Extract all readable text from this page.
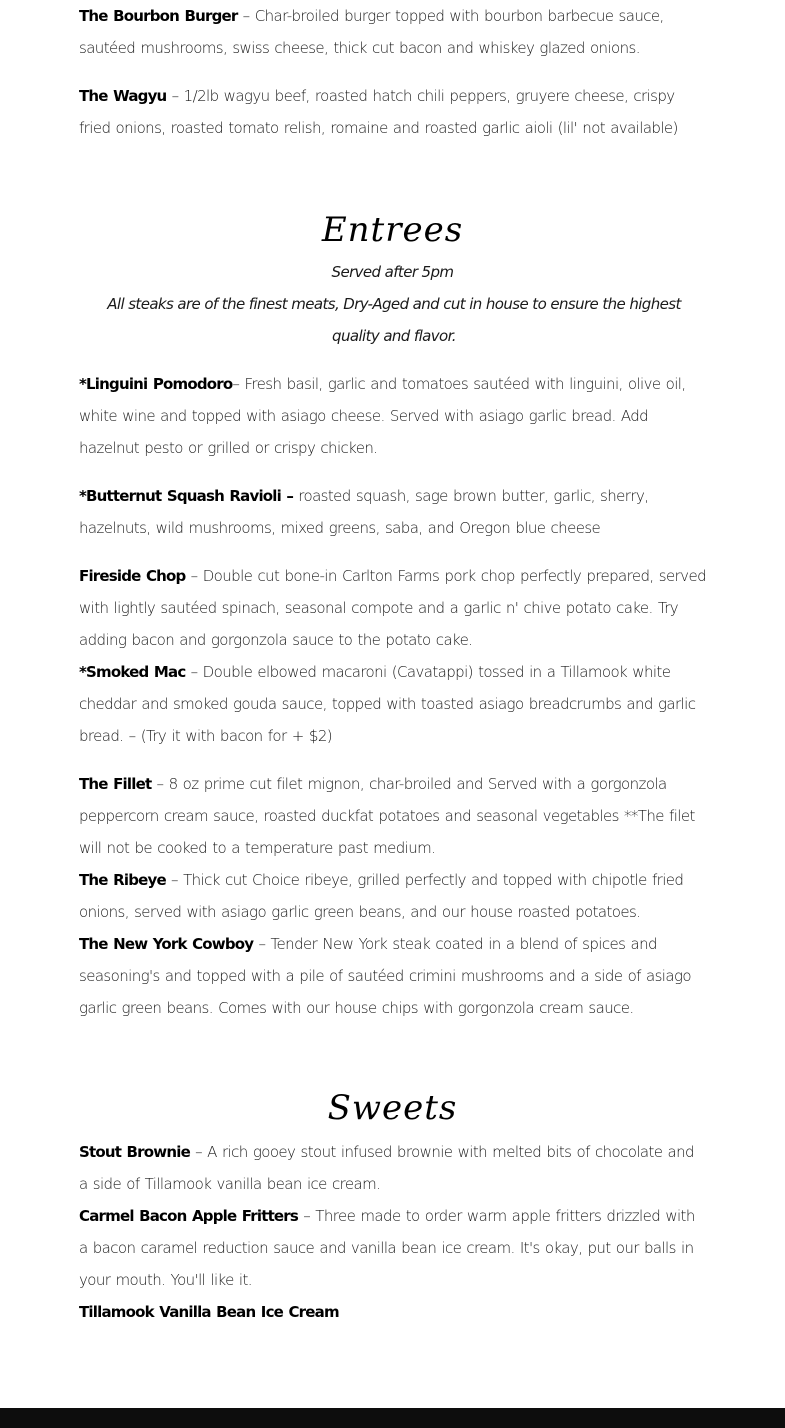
The Bourbon Burger – Char-broiled burger topped with bourbon barbecue sauce, sautéed mushrooms, swiss cheese, thick cut bacon and whiskey glazed onions.
The Wagyu – 1/2lb wagyu beef, roasted hatch chili peppers, gruyere cheese, crispy fried onions, roasted tomato relish, romaine and roasted garlic aioli (lil' not available)
Entrees
Served after 5pm
All steaks are of the finest meats, Dry-Aged and cut in house to ensure the highest quality and flavor.
*Linguini Pomodoro– Fresh basil, garlic and tomatoes sautéed with linguini, olive oil, white wine and topped with asiago cheese. Served with asiago garlic bread. Add hazelnut pesto or grilled or crispy chicken.
*Butternut Squash Ravioli – roasted squash, sage brown butter, garlic, sherry, hazelnuts, wild mushrooms, mixed greens, saba, and Oregon blue cheese
Fireside Chop – Double cut bone-in Carlton Farms pork chop perfectly prepared, served with lightly sautéed spinach, seasonal compote and a garlic n' chive potato cake. Try adding bacon and gorgonzola sauce to the potato cake.
*Smoked Mac – Double elbowed macaroni (Cavatappi) tossed in a Tillamook white cheddar and smoked gouda sauce, topped with toasted asiago breadcrumbs and garlic bread. – (Try it with bacon for + $2)
The Fillet – 8 oz prime cut filet mignon, char-broiled and Served with a gorgonzola peppercorn cream sauce, roasted duckfat potatoes and seasonal vegetables **The filet will not be cooked to a temperature past medium.
The Ribeye – Thick cut Choice ribeye, grilled perfectly and topped with chipotle fried onions, served with asiago garlic green beans, and our house roasted potatoes.
The New York Cowboy – Tender New York steak coated in a blend of spices and seasoning's and topped with a pile of sautéed crimini mushrooms and a side of asiago garlic green beans. Comes with our house chips with gorgonzola cream sauce.
Sweets
Stout Brownie – A rich gooey stout infused brownie with melted bits of chocolate and a side of Tillamook vanilla bean ice cream.
Carmel Bacon Apple Fritters – Three made to order warm apple fritters drizzled with a bacon caramel reduction sauce and vanilla bean ice cream. It's okay, put our balls in your mouth. You'll like it.
Tillamook Vanilla Bean Ice Cream
